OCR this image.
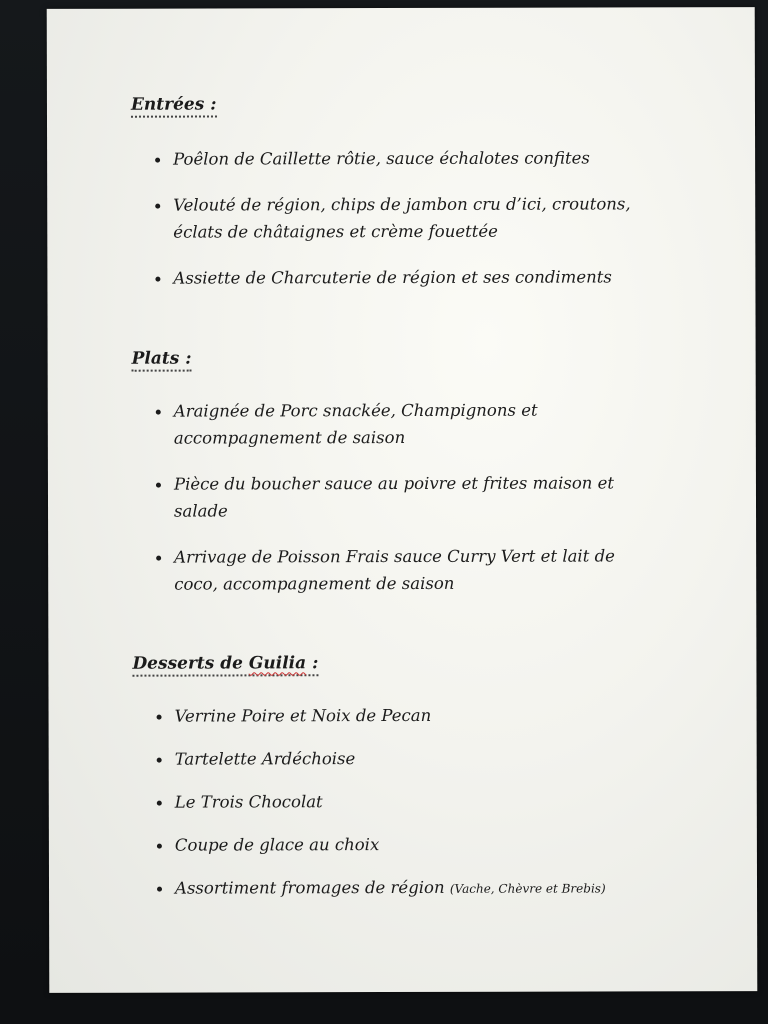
Entrées :
Poêlon de Caillette rôtie, sauce échalotes confites
Velouté de région, chips de jambon cru d’ici, croutons, éclats de châtaignes et crème fouettée
Assiette de Charcuterie de région et ses condiments
Plats :
Araignée de Porc snackée, Champignons et accompagnement de saison
Pièce du boucher sauce au poivre et frites maison et salade
Arrivage de Poisson Frais sauce Curry Vert et lait de coco, accompagnement de saison
Desserts de Guilia :
Verrine Poire et Noix de Pecan
Tartelette Ardéchoise
Le Trois Chocolat
Coupe de glace au choix
Assortiment fromages de région (Vache, Chèvre et Brebis)
